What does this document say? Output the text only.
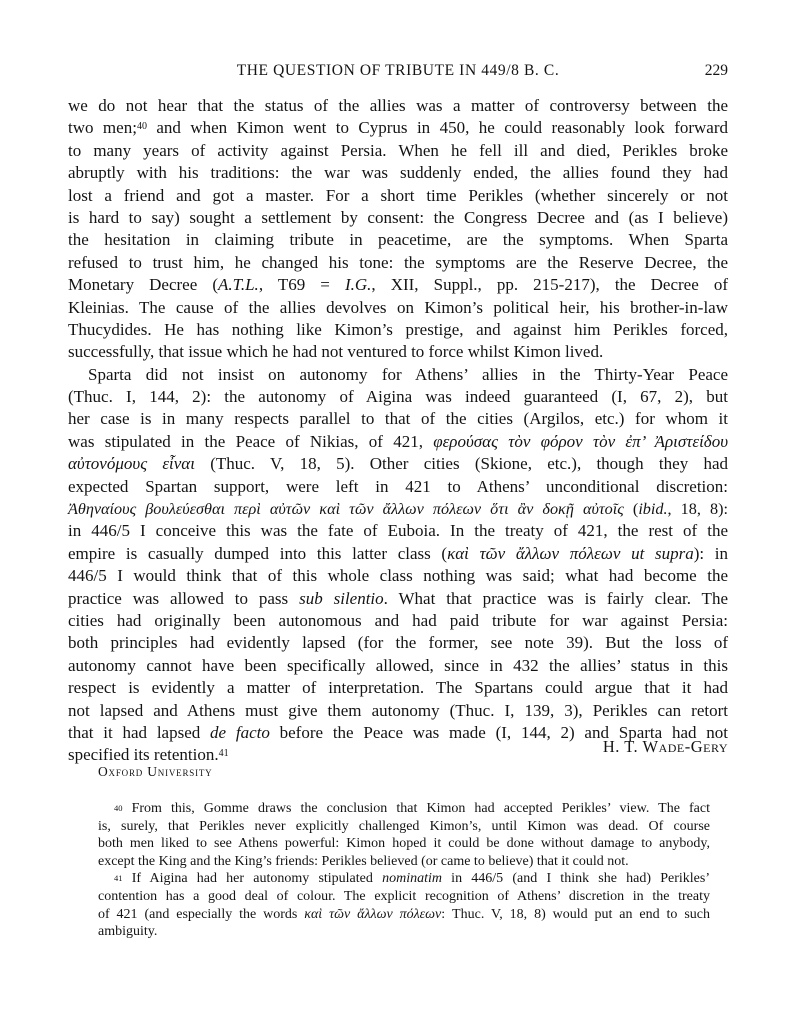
THE QUESTION OF TRIBUTE IN 449/8 B. C.	229
we do not hear that the status of the allies was a matter of controversy between the
two men;$^{40}$ and when Kimon went to Cyprus in 450, he could reasonably look forward
to many years of activity against Persia. When he fell ill and died, Perikles broke
abruptly with his traditions: the war was suddenly ended, the allies found they had
lost a friend and got a master. For a short time Perikles (whether sincerely or not
is hard to say) sought a settlement by consent: the Congress Decree and (as I believe)
the hesitation in claiming tribute in peacetime, are the symptoms. When Sparta
refused to trust him, he changed his tone: the symptoms are the Reserve Decree, the
Monetary Decree (A.T.L., T69 = I.G., XII, Suppl., pp. 215-217), the Decree of
Kleinias. The cause of the allies devolves on Kimon’s political heir, his brother-in-law
Thucydides. He has nothing like Kimon’s prestige, and against him Perikles forced,
successfully, that issue which he had not ventured to force whilst Kimon lived.
Sparta did not insist on autonomy for Athens’ allies in the Thirty-Year Peace
(Thuc. I, 144, 2): the autonomy of Aigina was indeed guaranteed (I, 67, 2), but
her case is in many respects parallel to that of the cities (Argilos, etc.) for whom it
was stipulated in the Peace of Nikias, of 421, φερούσας τὸν φόρον τὸν ἐπ’ Ἀριστείδου
αὐτονόμους εἶναι (Thuc. V, 18, 5). Other cities (Skione, etc.), though they had
expected Spartan support, were left in 421 to Athens’ unconditional discretion:
Ἀθηναίους βουλεύεσθαι περὶ αὐτῶν καὶ τῶν ἄλλων πόλεων ὅτι ἂν δοκῇ αὐτοῖς (ibid., 18, 8):
in 446/5 I conceive this was the fate of Euboia. In the treaty of 421, the rest of the
empire is casually dumped into this latter class (καὶ τῶν ἄλλων πόλεων ut supra): in
446/5 I would think that of this whole class nothing was said; what had become the
practice was allowed to pass sub silentio. What that practice was is fairly clear. The
cities had originally been autonomous and had paid tribute for war against Persia:
both principles had evidently lapsed (for the former, see note 39). But the loss of
autonomy cannot have been specifically allowed, since in 432 the allies’ status in this
respect is evidently a matter of interpretation. The Spartans could argue that it had
not lapsed and Athens must give them autonomy (Thuc. I, 139, 3), Perikles can retort
that it had lapsed de facto before the Peace was made (I, 144, 2) and Sparta had not
specified its retention.$^{41}$	H. T. Wade-Gery
Oxford University
$^{40}$ From this, Gomme draws the conclusion that Kimon had accepted Perikles’ view. The fact
is, surely, that Perikles never explicitly challenged Kimon’s, until Kimon was dead. Of course
both men liked to see Athens powerful: Kimon hoped it could be done without damage to anybody,
except the King and the King’s friends: Perikles believed (or came to believe) that it could not.
$^{41}$ If Aigina had her autonomy stipulated nominatim in 446/5 (and I think she had) Perikles’
contention has a good deal of colour. The explicit recognition of Athens’ discretion in the treaty
of 421 (and especially the words καὶ τῶν ἄλλων πόλεων: Thuc. V, 18, 8) would put an end to such
ambiguity.
